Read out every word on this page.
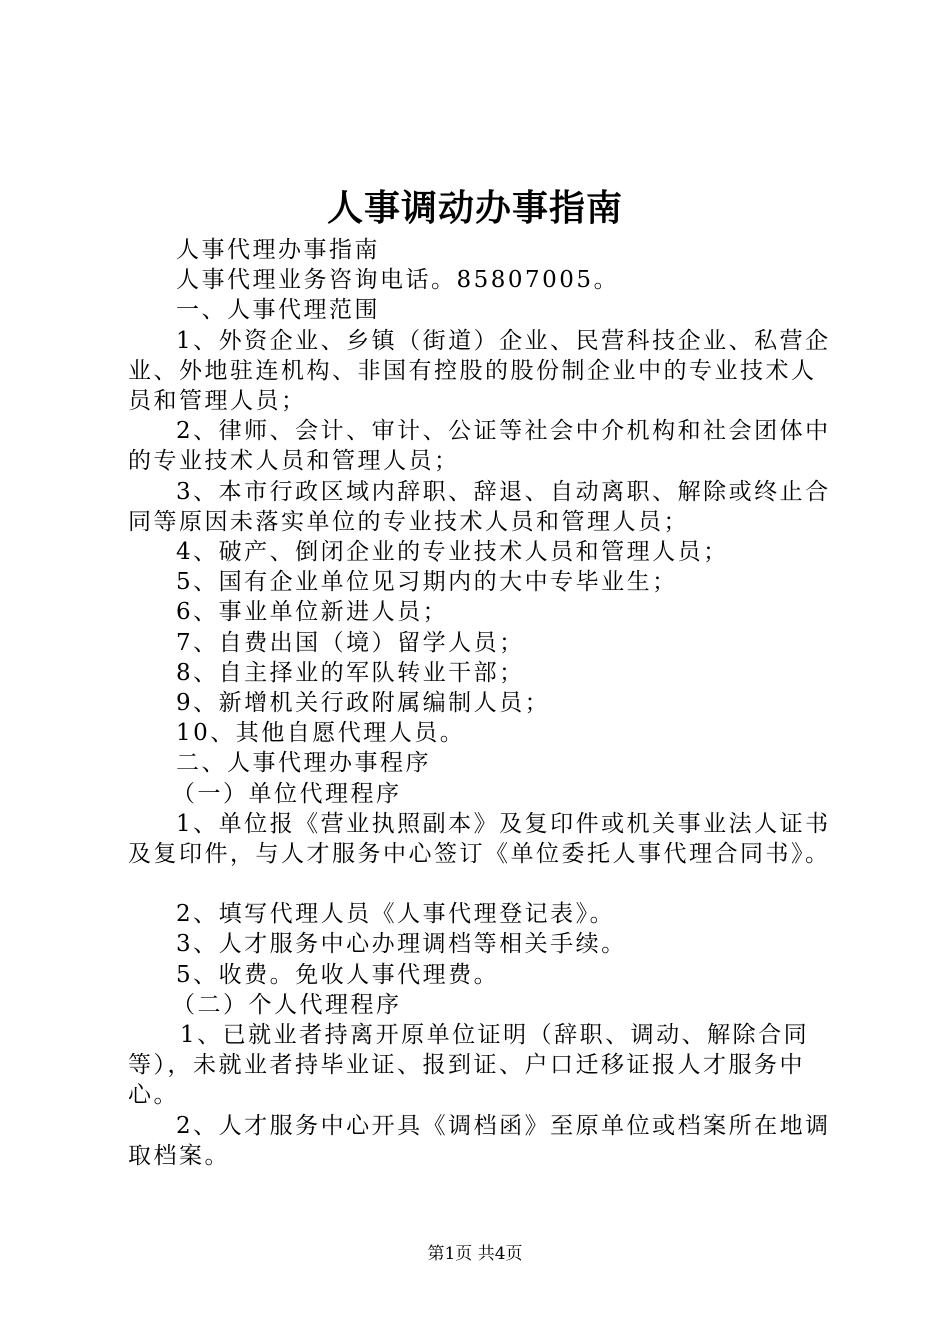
人事调动办事指南

人事代理办事指南

人事代理业务咨询电话。85807005。

一、人事代理范围

1、外资企业、乡镇（街道）企业、民营科技企业、私营企业、外地驻连机构、非国有控股的股份制企业中的专业技术人员和管理人员；

2、律师、会计、审计、公证等社会中介机构和社会团体中的专业技术人员和管理人员；

3、本市行政区域内辞职、辞退、自动离职、解除或终止合同等原因未落实单位的专业技术人员和管理人员；

4、破产、倒闭企业的专业技术人员和管理人员；

5、国有企业单位见习期内的大中专毕业生；

6、事业单位新进人员；

7、自费出国（境）留学人员；

8、自主择业的军队转业干部；

9、新增机关行政附属编制人员；

10、其他自愿代理人员。

二、人事代理办事程序

（一）单位代理程序

1、单位报《营业执照副本》及复印件或机关事业法人证书及复印件，与人才服务中心签订《单位委托人事代理合同书》。

2、填写代理人员《人事代理登记表》。

3、人才服务中心办理调档等相关手续。

5、收费。免收人事代理费。

（二）个人代理程序

1、已就业者持离开原单位证明（辞职、调动、解除合同等），未就业者持毕业证、报到证、户口迁移证报人才服务中心。

2、人才服务中心开具《调档函》至原单位或档案所在地调取档案。

第1页 共4页
